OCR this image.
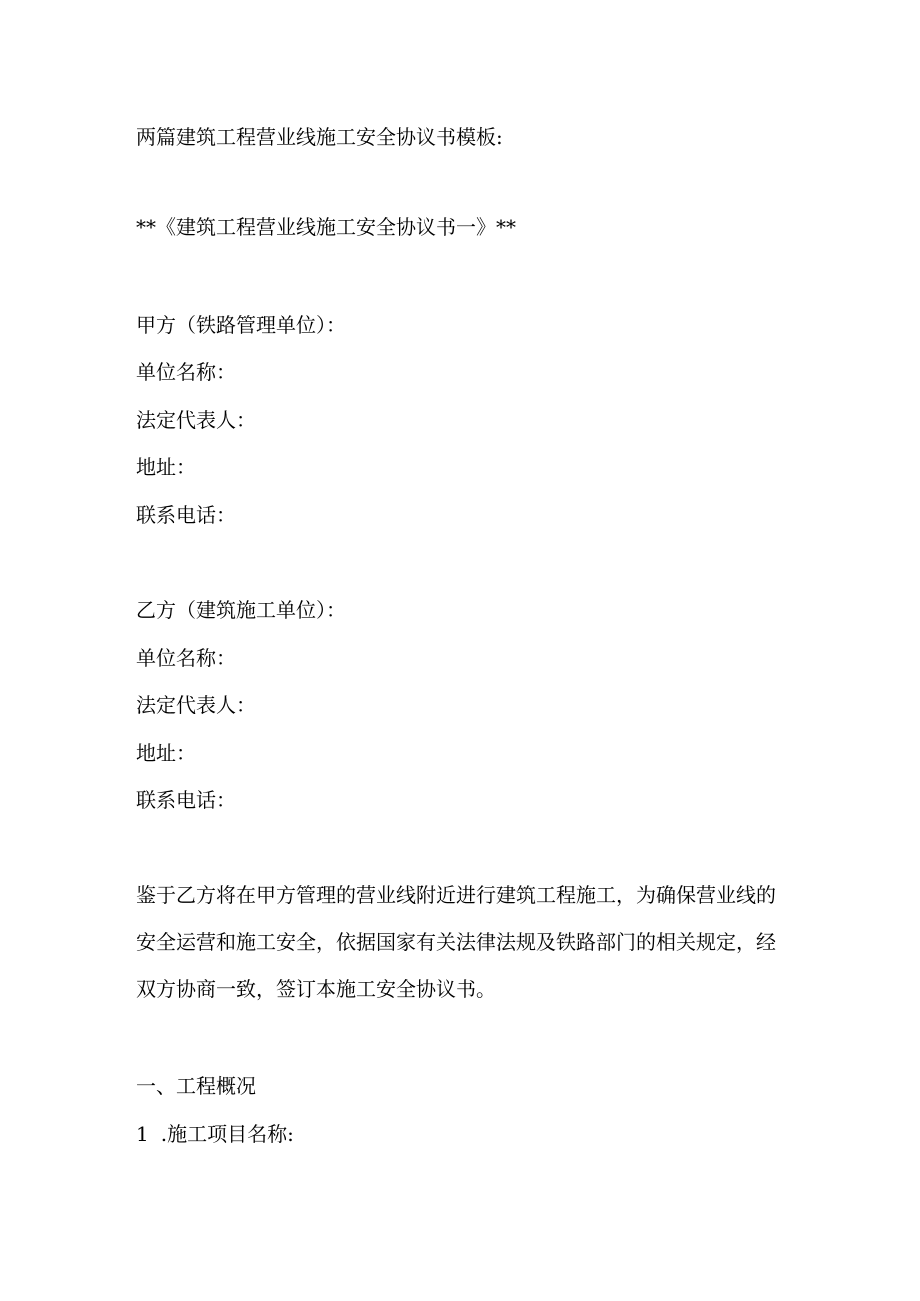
两篇建筑工程营业线施工安全协议书模板:
**《建筑工程营业线施工安全协议书一》**

甲方（铁路管理单位）：

单位名称：

法定代表人：

地址：

联系电话：

乙方（建筑施工单位）：

单位名称：

法定代表人：

地址：

联系电话：

鉴于乙方将在甲方管理的营业线附近进行建筑工程施工，为确保营业线的安全运营和施工安全，依据国家有关法律法规及铁路部门的相关规定，经双方协商一致，签订本施工安全协议书。

一、工程概况

1.施工项目名称:
